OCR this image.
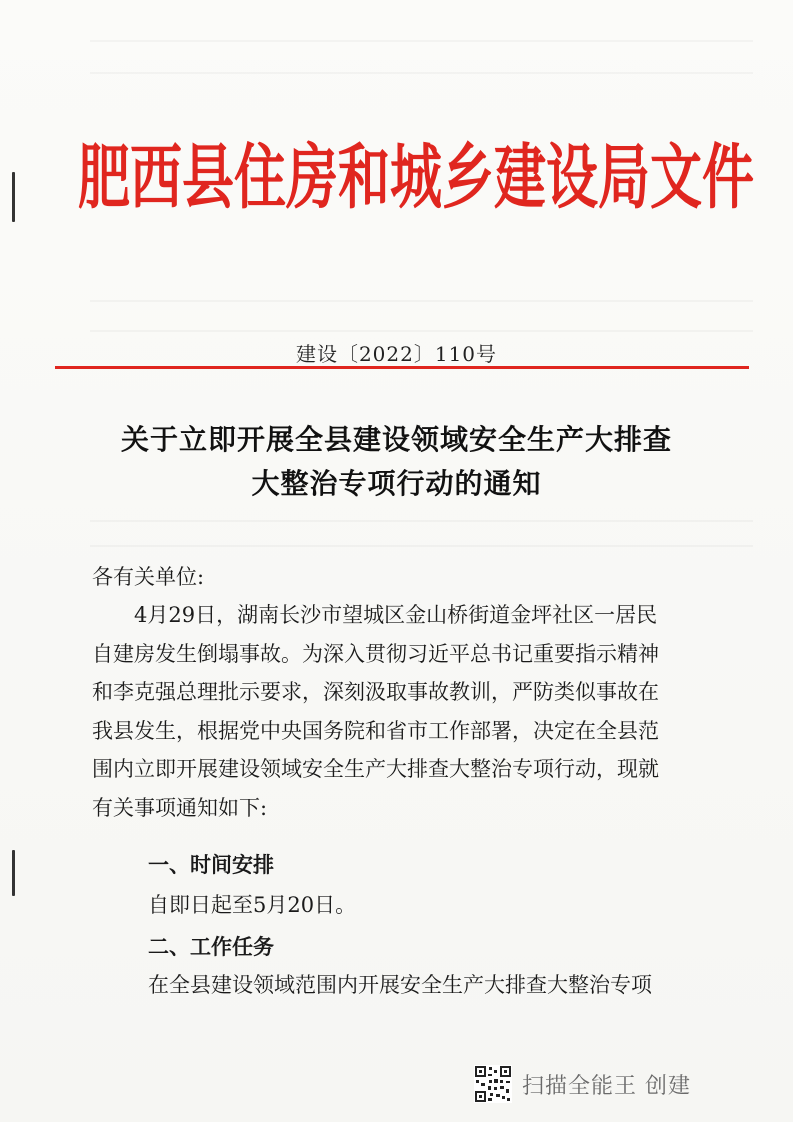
肥西县住房和城乡建设局文件
建设〔2022〕110号
关于立即开展全县建设领域安全生产大排查
大整治专项行动的通知
各有关单位:
　　4月29日，湖南长沙市望城区金山桥街道金坪社区一居民
自建房发生倒塌事故。为深入贯彻习近平总书记重要指示精神
和李克强总理批示要求，深刻汲取事故教训，严防类似事故在
我县发生，根据党中央国务院和省市工作部署，决定在全县范
围内立即开展建设领域安全生产大排查大整治专项行动，现就
有关事项通知如下:
一、时间安排
自即日起至5月20日。
二、工作任务
在全县建设领域范围内开展安全生产大排查大整治专项
扫描全能王 创建
